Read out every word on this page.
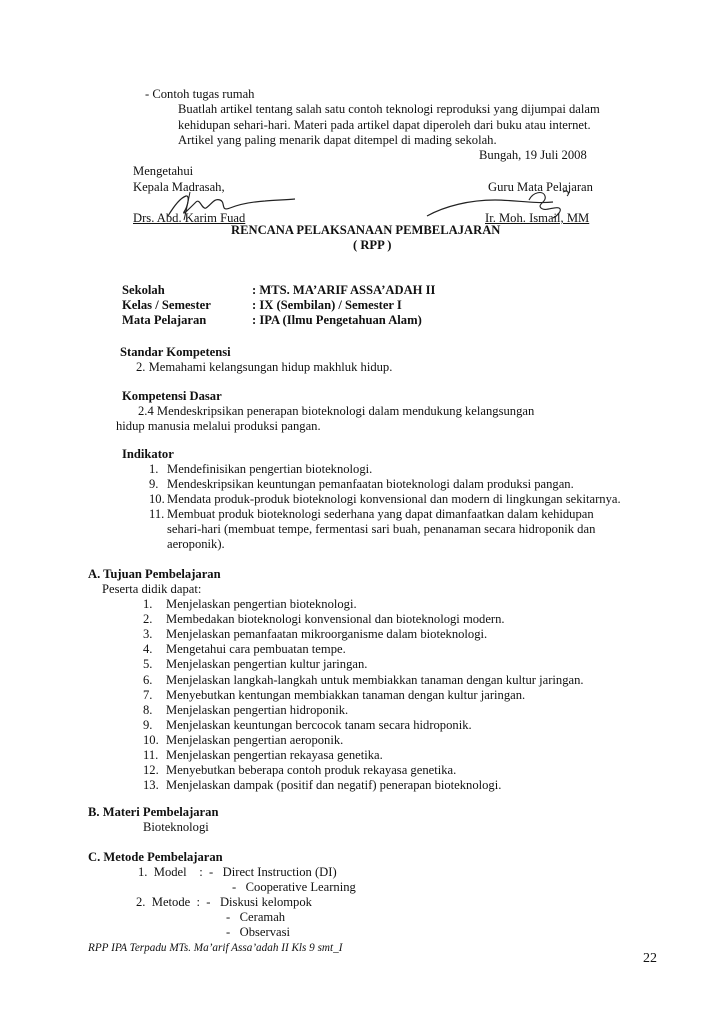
- Contoh tugas rumah
Buatlah artikel tentang salah satu contoh teknologi reproduksi yang dijumpai dalam
kehidupan sehari-hari. Materi pada artikel dapat diperoleh dari buku atau internet.
Artikel yang paling menarik dapat ditempel di mading sekolah.
Bungah, 19 Juli 2008
Mengetahui
Kepala Madrasah,	Guru Mata Pelajaran
Drs. Abd. Karim Fuad	Ir. Moh. Ismail, MM
RENCANA PELAKSANAAN PEMBELAJARAN
( RPP )
Sekolah	: MTS. MA’ARIF ASSA’ADAH II
Kelas / Semester	: IX (Sembilan) / Semester I
Mata Pelajaran	: IPA (Ilmu Pengetahuan Alam)
Standar Kompetensi
2. Memahami kelangsungan hidup makhluk hidup.
Kompetensi Dasar
2.4 Mendeskripsikan penerapan bioteknologi dalam mendukung kelangsungan
hidup manusia melalui produksi pangan.
Indikator
1. Mendefinisikan pengertian bioteknologi.
9. Mendeskripsikan keuntungan pemanfaatan bioteknologi dalam produksi pangan.
10. Mendata produk-produk bioteknologi konvensional dan modern di lingkungan sekitarnya.
11. Membuat produk bioteknologi sederhana yang dapat dimanfaatkan dalam kehidupan
sehari-hari (membuat tempe, fermentasi sari buah, penanaman secara hidroponik dan
aeroponik).
A. Tujuan Pembelajaran
Peserta didik dapat:
1. Menjelaskan pengertian bioteknologi.
2. Membedakan bioteknologi konvensional dan bioteknologi modern.
3. Menjelaskan pemanfaatan mikroorganisme dalam bioteknologi.
4. Mengetahui cara pembuatan tempe.
5. Menjelaskan pengertian kultur jaringan.
6. Menjelaskan langkah-langkah untuk membiakkan tanaman dengan kultur jaringan.
7. Menyebutkan kentungan membiakkan tanaman dengan kultur jaringan.
8. Menjelaskan pengertian hidroponik.
9. Menjelaskan keuntungan bercocok tanam secara hidroponik.
10. Menjelaskan pengertian aeroponik.
11. Menjelaskan pengertian rekayasa genetika.
12. Menyebutkan beberapa contoh produk rekayasa genetika.
13. Menjelaskan dampak (positif dan negatif) penerapan bioteknologi.
B. Materi Pembelajaran
Bioteknologi
C. Metode Pembelajaran
1.  Model    :  -   Direct Instruction (DI)
-   Cooperative Learning
2.  Metode  :  -   Diskusi kelompok
-   Ceramah
-   Observasi
RPP IPA Terpadu MTs. Ma’arif Assa’adah II Kls 9 smt_I
22
